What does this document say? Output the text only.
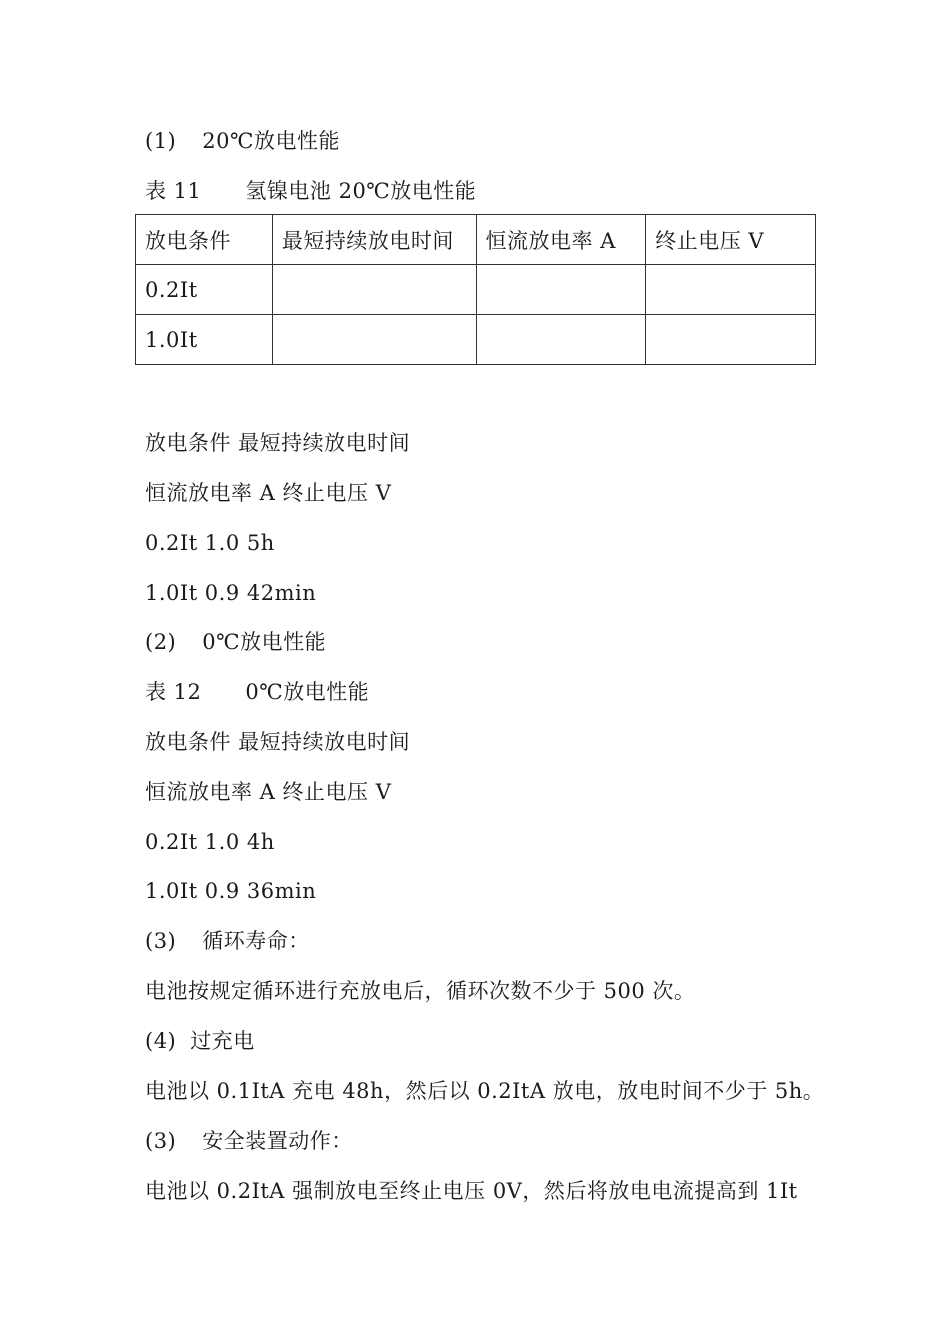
(1) 20℃放电性能
表 11 氢镍电池 20℃放电性能
放电条件	最短持续放电时间	恒流放电率 A	终止电压 V
0.2It			
1.0It			
放电条件 最短持续放电时间
恒流放电率 A 终止电压 V
0.2It 1.0 5h
1.0It 0.9 42min
(2) 0℃放电性能
表 12 0℃放电性能
放电条件 最短持续放电时间
恒流放电率 A 终止电压 V
0.2It 1.0 4h
1.0It 0.9 36min
(3) 循环寿命：
电池按规定循环进行充放电后，循环次数不少于 500 次。
(4) 过充电
电池以 0.1ItA 充电 48h，然后以 0.2ItA 放电，放电时间不少于 5h。
(3) 安全装置动作：
电池以 0.2ItA 强制放电至终止电压 0V，然后将放电电流提高到 1It
